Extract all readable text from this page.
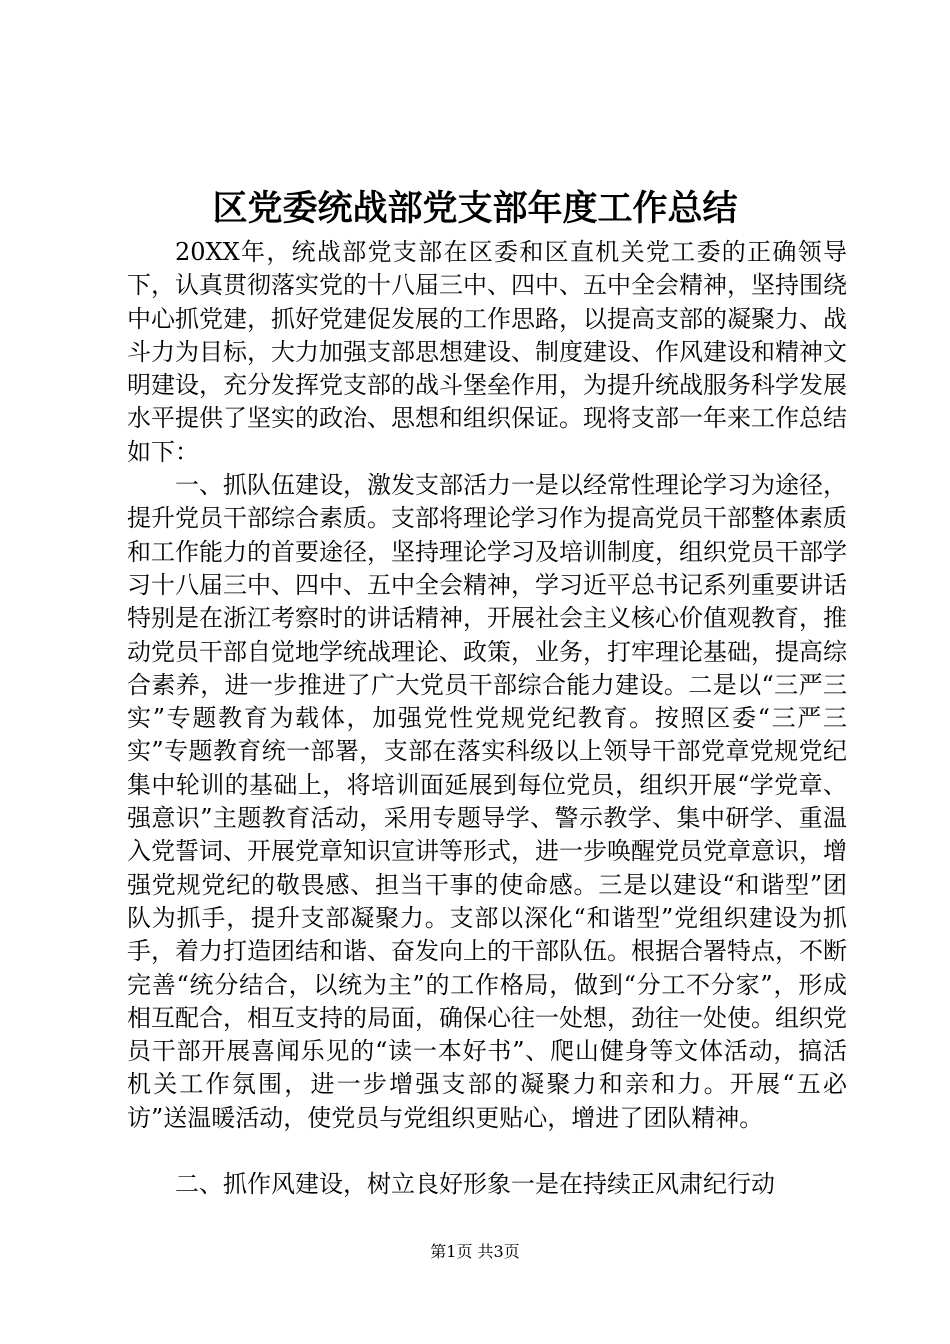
区党委统战部党支部年度工作总结

20XX年，统战部党支部在区委和区直机关党工委的正确领导下，认真贯彻落实党的十八届三中、四中、五中全会精神，坚持围绕中心抓党建，抓好党建促发展的工作思路，以提高支部的凝聚力、战斗力为目标，大力加强支部思想建设、制度建设、作风建设和精神文明建设，充分发挥党支部的战斗堡垒作用，为提升统战服务科学发展水平提供了坚实的政治、思想和组织保证。现将支部一年来工作总结如下：

一、抓队伍建设，激发支部活力一是以经常性理论学习为途径，提升党员干部综合素质。支部将理论学习作为提高党员干部整体素质和工作能力的首要途径，坚持理论学习及培训制度，组织党员干部学习十八届三中、四中、五中全会精神，学习近平总书记系列重要讲话特别是在浙江考察时的讲话精神，开展社会主义核心价值观教育，推动党员干部自觉地学统战理论、政策，业务，打牢理论基础，提高综合素养，进一步推进了广大党员干部综合能力建设。二是以“三严三实”专题教育为载体，加强党性党规党纪教育。按照区委“三严三实”专题教育统一部署，支部在落实科级以上领导干部党章党规党纪集中轮训的基础上，将培训面延展到每位党员，组织开展“学党章、强意识”主题教育活动，采用专题导学、警示教学、集中研学、重温入党誓词、开展党章知识宣讲等形式，进一步唤醒党员党章意识，增强党规党纪的敬畏感、担当干事的使命感。三是以建设“和谐型”团队为抓手，提升支部凝聚力。支部以深化“和谐型”党组织建设为抓手，着力打造团结和谐、奋发向上的干部队伍。根据合署特点，不断完善“统分结合，以统为主”的工作格局，做到“分工不分家”，形成相互配合，相互支持的局面，确保心往一处想，劲往一处使。组织党员干部开展喜闻乐见的“读一本好书”、爬山健身等文体活动，搞活机关工作氛围，进一步增强支部的凝聚力和亲和力。开展“五必访”送温暖活动，使党员与党组织更贴心，增进了团队精神。

二、抓作风建设，树立良好形象一是在持续正风肃纪行动

第1页 共3页
